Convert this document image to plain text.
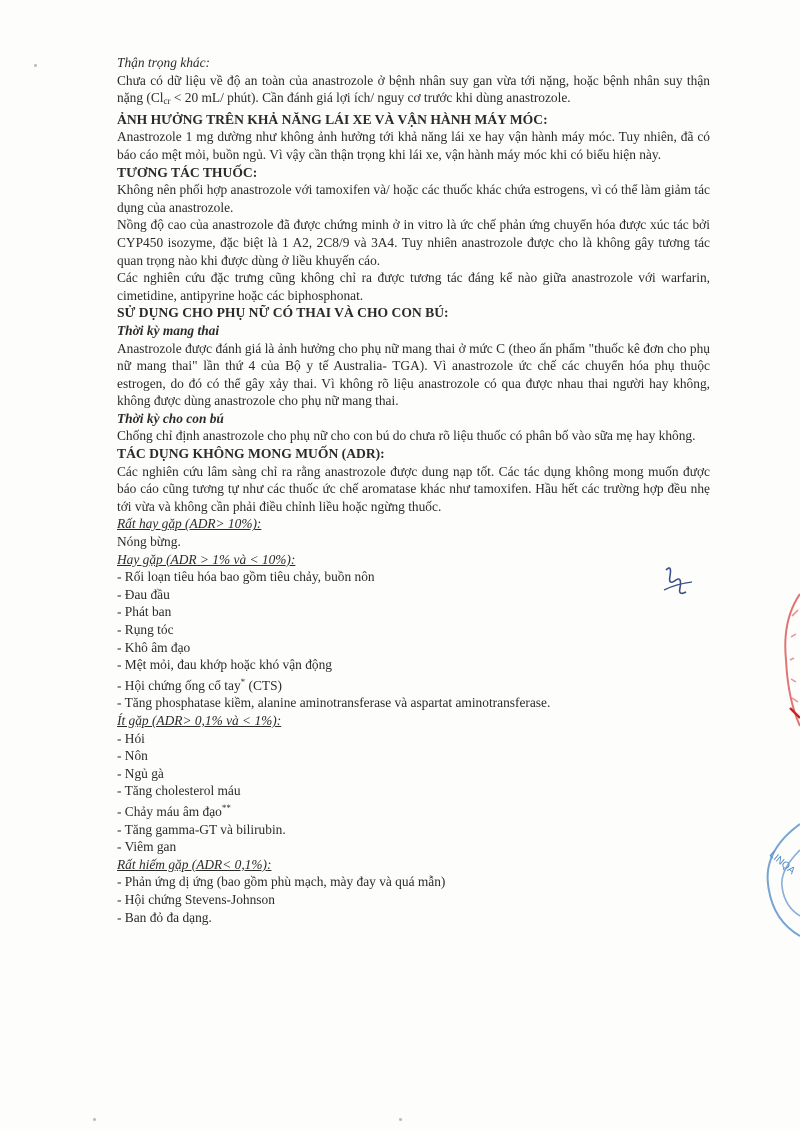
Thận trọng khác:

Chưa có dữ liệu về độ an toàn của anastrozole ở bệnh nhân suy gan vừa tới nặng, hoặc bệnh nhân suy thận nặng ($Cl_{cr} < 20$ mL/ phút). Cần đánh giá lợi ích/ nguy cơ trước khi dùng anastrozole.

ẢNH HƯỞNG TRÊN KHẢ NĂNG LÁI XE VÀ VẬN HÀNH MÁY MÓC:

Anastrozole 1 mg dường như không ảnh hưởng tới khả năng lái xe hay vận hành máy móc. Tuy nhiên, đã có báo cáo mệt mỏi, buồn ngủ. Vì vậy cần thận trọng khi lái xe, vận hành máy móc khi có biểu hiện này.

TƯƠNG TÁC THUỐC:

Không nên phối hợp anastrozole với tamoxifen và/ hoặc các thuốc khác chứa estrogens, vì có thể làm giảm tác dụng của anastrozole.

Nồng độ cao của anastrozole đã được chứng minh ở in vitro là ức chế phản ứng chuyển hóa được xúc tác bởi CYP450 isozyme, đặc biệt là 1 A2, 2C8/9 và 3A4. Tuy nhiên anastrozole được cho là không gây tương tác quan trọng nào khi được dùng ở liều khuyến cáo.

Các nghiên cứu đặc trưng cũng không chỉ ra được tương tác đáng kể nào giữa anastrozole với warfarin, cimetidine, antipyrine hoặc các biphosphonat.

SỬ DỤNG CHO PHỤ NỮ CÓ THAI VÀ CHO CON BÚ:

Thời kỳ mang thai

Anastrozole được đánh giá là ảnh hưởng cho phụ nữ mang thai ở mức C (theo ấn phẩm "thuốc kê đơn cho phụ nữ mang thai" lần thứ 4 của Bộ y tế Australia- TGA). Vì anastrozole ức chế các chuyển hóa phụ thuộc estrogen, do đó có thể gây xảy thai. Vì không rõ liệu anastrozole có qua được nhau thai người hay không, không được dùng anastrozole cho phụ nữ mang thai.

Thời kỳ cho con bú

Chống chỉ định anastrozole cho phụ nữ cho con bú do chưa rõ liệu thuốc có phân bố vào sữa mẹ hay không.

TÁC DỤNG KHÔNG MONG MUỐN (ADR):

Các nghiên cứu lâm sàng chỉ ra rằng anastrozole được dung nạp tốt. Các tác dụng không mong muốn được báo cáo cũng tương tự như các thuốc ức chế aromatase khác như tamoxifen. Hầu hết các trường hợp đều nhẹ tới vừa và không cần phải điều chỉnh liều hoặc ngừng thuốc.

Rất hay gặp (ADR> 10%):

Nóng bừng.

Hay gặp (ADR > 1% và < 10%):

- Rối loạn tiêu hóa bao gồm tiêu chảy, buồn nôn

- Đau đầu

- Phát ban

- Rụng tóc

- Khô âm đạo

- Mệt mỏi, đau khớp hoặc khó vận động

- Hội chứng ống cổ tay* (CTS)

- Tăng phosphatase kiềm, alanine aminotransferase và aspartat aminotransferase.

Ít gặp (ADR> 0,1% và < 1%):

- Hói

- Nôn

- Ngủ gà

- Tăng cholesterol máu

- Chảy máu âm đạo**

- Tăng gamma-GT và bilirubin.

- Viêm gan

Rất hiếm gặp (ADR< 0,1%):

- Phản ứng dị ứng (bao gồm phù mạch, mày đay và quá mẫn)

- Hội chứng Stevens-Johnson

- Ban đỏ đa dạng.

LINQA
